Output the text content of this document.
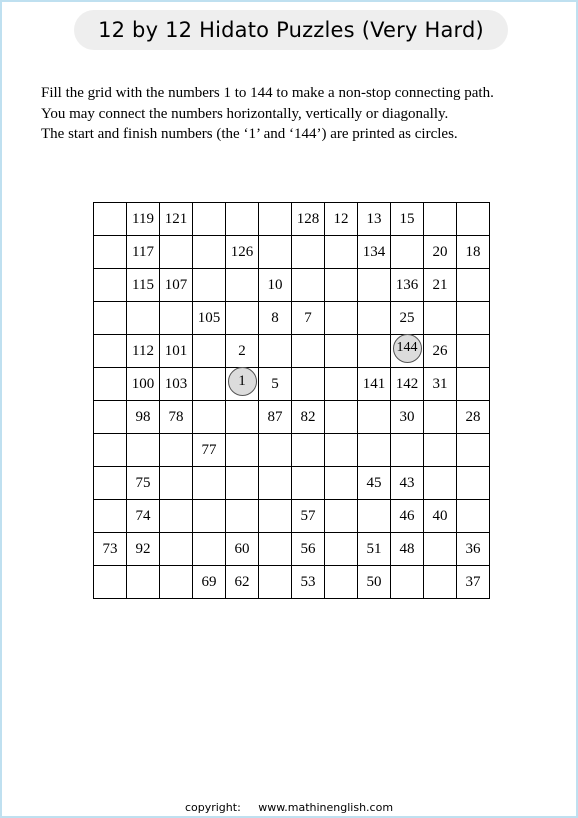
12 by 12 Hidato Puzzles (Very Hard)
Fill the grid with the numbers 1 to 144 to make a non-stop connecting path.
You may connect the numbers horizontally, vertically or diagonally.
The start and finish numbers (the ‘1’ and ‘144’) are printed as circles.
	119	121				128	12	13	15		
	117			126				134		20	18
	115	107			10				136	21	
			105		8	7			25		
	112	101		2					144	26	
	100	103		1	5			141	142	31	
	98	78			87	82			30		28
			77								
	75							45	43		
	74					57			46	40	
73	92			60		56		51	48		36
			69	62		53		50			37
copyright: www.mathinenglish.com
